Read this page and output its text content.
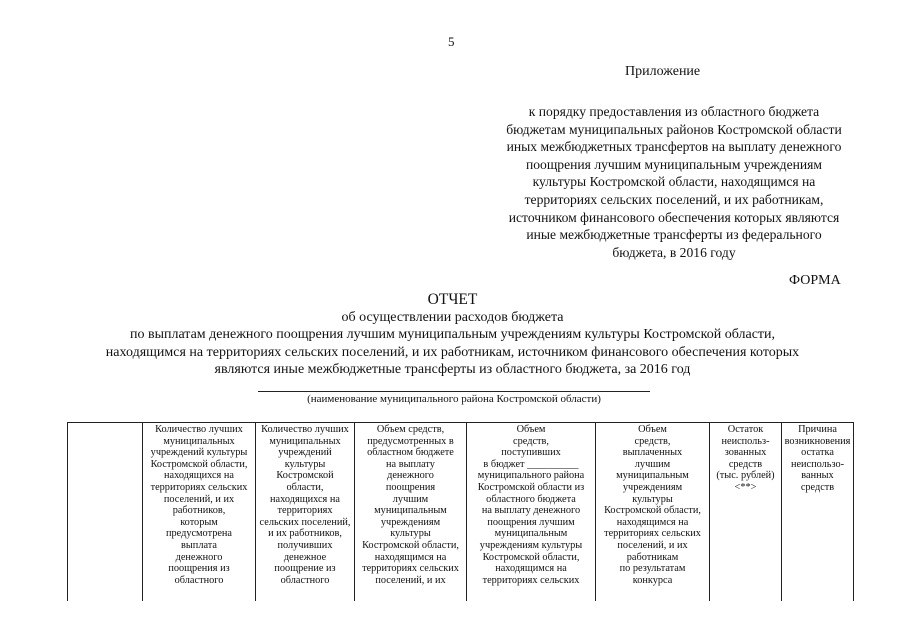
5
Приложение
к порядку предоставления из областного бюджета
бюджетам муниципальных районов Костромской области
иных межбюджетных трансфертов на выплату денежного
поощрения лучшим муниципальным учреждениям
культуры Костромской области, находящимся на
территориях сельских поселений, и их работникам,
источником финансового обеспечения которых являются
иные межбюджетные трансферты из федерального
бюджета, в 2016 году
ФОРМА
ОТЧЕТ
об осуществлении расходов бюджета
по выплатам денежного поощрения лучшим муниципальным учреждениям культуры Костромской области,
находящимся на территориях сельских поселений, и их работникам, источником финансового обеспечения которых
являются иные межбюджетные трансферты из областного бюджета, за 2016 год
(наименование муниципального района Костромской области)
Количество лучших
муниципальных
учреждений культуры
Костромской области,
находящихся на
территориях сельских
поселений, и их
работников,
которым
предусмотрена
выплата
денежного
поощрения из
областного
Количество лучших
муниципальных
учреждений
культуры
Костромской
области,
находящихся на
территориях
сельских поселений,
и их работников,
получивших
денежное
поощрение из
областного
Объем средств,
предусмотренных в
областном бюджете
на выплату
денежного
поощрения
лучшим
муниципальным
учреждениям
культуры
Костромской области,
находящимся на
территориях сельских
поселений, и их
Объем
средств,
поступивших
в бюджет __________
муниципального района
Костромской области из
областного бюджета
на выплату денежного
поощрения лучшим
муниципальным
учреждениям культуры
Костромской области,
находящимся на
территориях сельских
Объем
средств,
выплаченных
лучшим
муниципальным
учреждениям
культуры
Костромской области,
находящимся на
территориях сельских
поселений, и их
работникам
по результатам
конкурса
Остаток
неиспольз-
зованных
средств
(тыс. рублей)
<**>
Причина
возникновения
остатка
неиспользо-
ванных
средств
